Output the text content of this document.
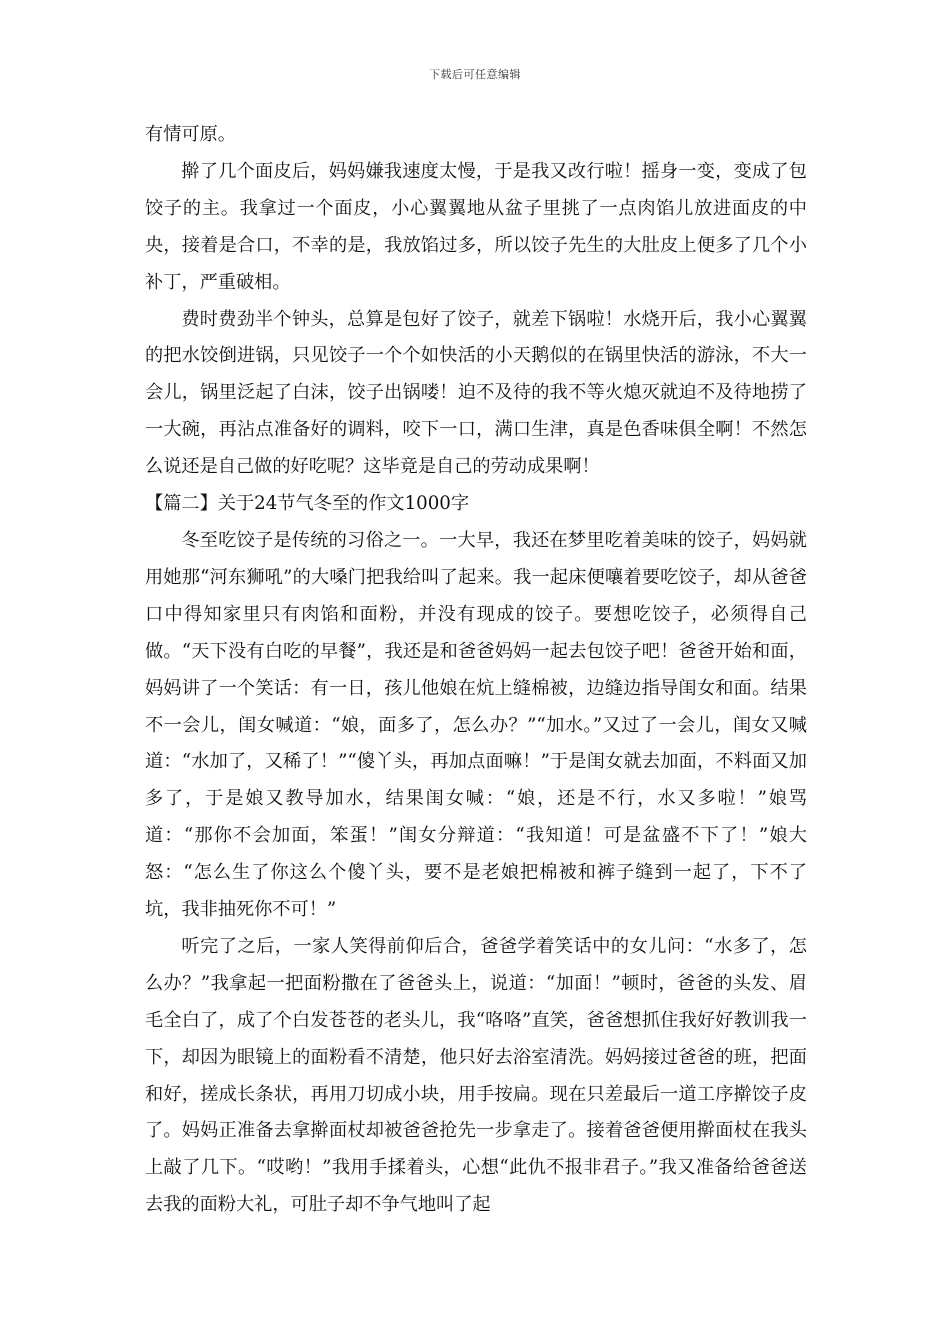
下载后可任意编辑

有情可原。

擀了几个面皮后，妈妈嫌我速度太慢，于是我又改行啦！摇身一变，变成了包饺子的主。我拿过一个面皮，小心翼翼地从盆子里挑了一点肉馅儿放进面皮的中央，接着是合口，不幸的是，我放馅过多，所以饺子先生的大肚皮上便多了几个小补丁，严重破相。

费时费劲半个钟头，总算是包好了饺子，就差下锅啦！水烧开后，我小心翼翼的把水饺倒进锅，只见饺子一个个如快活的小天鹅似的在锅里快活的游泳，不大一会儿，锅里泛起了白沫，饺子出锅喽！迫不及待的我不等火熄灭就迫不及待地捞了一大碗，再沾点准备好的调料，咬下一口，满口生津，真是色香味俱全啊！不然怎么说还是自己做的好吃呢？这毕竟是自己的劳动成果啊！

【篇二】关于24节气冬至的作文1000字

冬至吃饺子是传统的习俗之一。一大早，我还在梦里吃着美味的饺子，妈妈就用她那“河东狮吼”的大嗓门把我给叫了起来。我一起床便嚷着要吃饺子，却从爸爸口中得知家里只有肉馅和面粉，并没有现成的饺子。要想吃饺子，必须得自己做。“天下没有白吃的早餐”，我还是和爸爸妈妈一起去包饺子吧！爸爸开始和面，妈妈讲了一个笑话：有一日，孩儿他娘在炕上缝棉被，边缝边指导闺女和面。结果不一会儿，闺女喊道：“娘，面多了，怎么办？”“加水。”又过了一会儿，闺女又喊道：“水加了，又稀了！”“傻丫头，再加点面嘛！”于是闺女就去加面，不料面又加多了，于是娘又教导加水，结果闺女喊：“娘，还是不行，水又多啦！”娘骂道：“那你不会加面，笨蛋！”闺女分辩道：“我知道！可是盆盛不下了！”娘大怒：“怎么生了你这么个傻丫头，要不是老娘把棉被和裤子缝到一起了，下不了坑，我非抽死你不可！”

听完了之后，一家人笑得前仰后合，爸爸学着笑话中的女儿问：“水多了，怎么办？”我拿起一把面粉撒在了爸爸头上，说道：“加面！”顿时，爸爸的头发、眉毛全白了，成了个白发苍苍的老头儿，我“咯咯”直笑，爸爸想抓住我好好教训我一下，却因为眼镜上的面粉看不清楚，他只好去浴室清洗。妈妈接过爸爸的班，把面和好，搓成长条状，再用刀切成小块，用手按扁。现在只差最后一道工序擀饺子皮了。妈妈正准备去拿擀面杖却被爸爸抢先一步拿走了。接着爸爸便用擀面杖在我头上敲了几下。“哎哟！”我用手揉着头，心想“此仇不报非君子。”我又准备给爸爸送去我的面粉大礼，可肚子却不争气地叫了起
